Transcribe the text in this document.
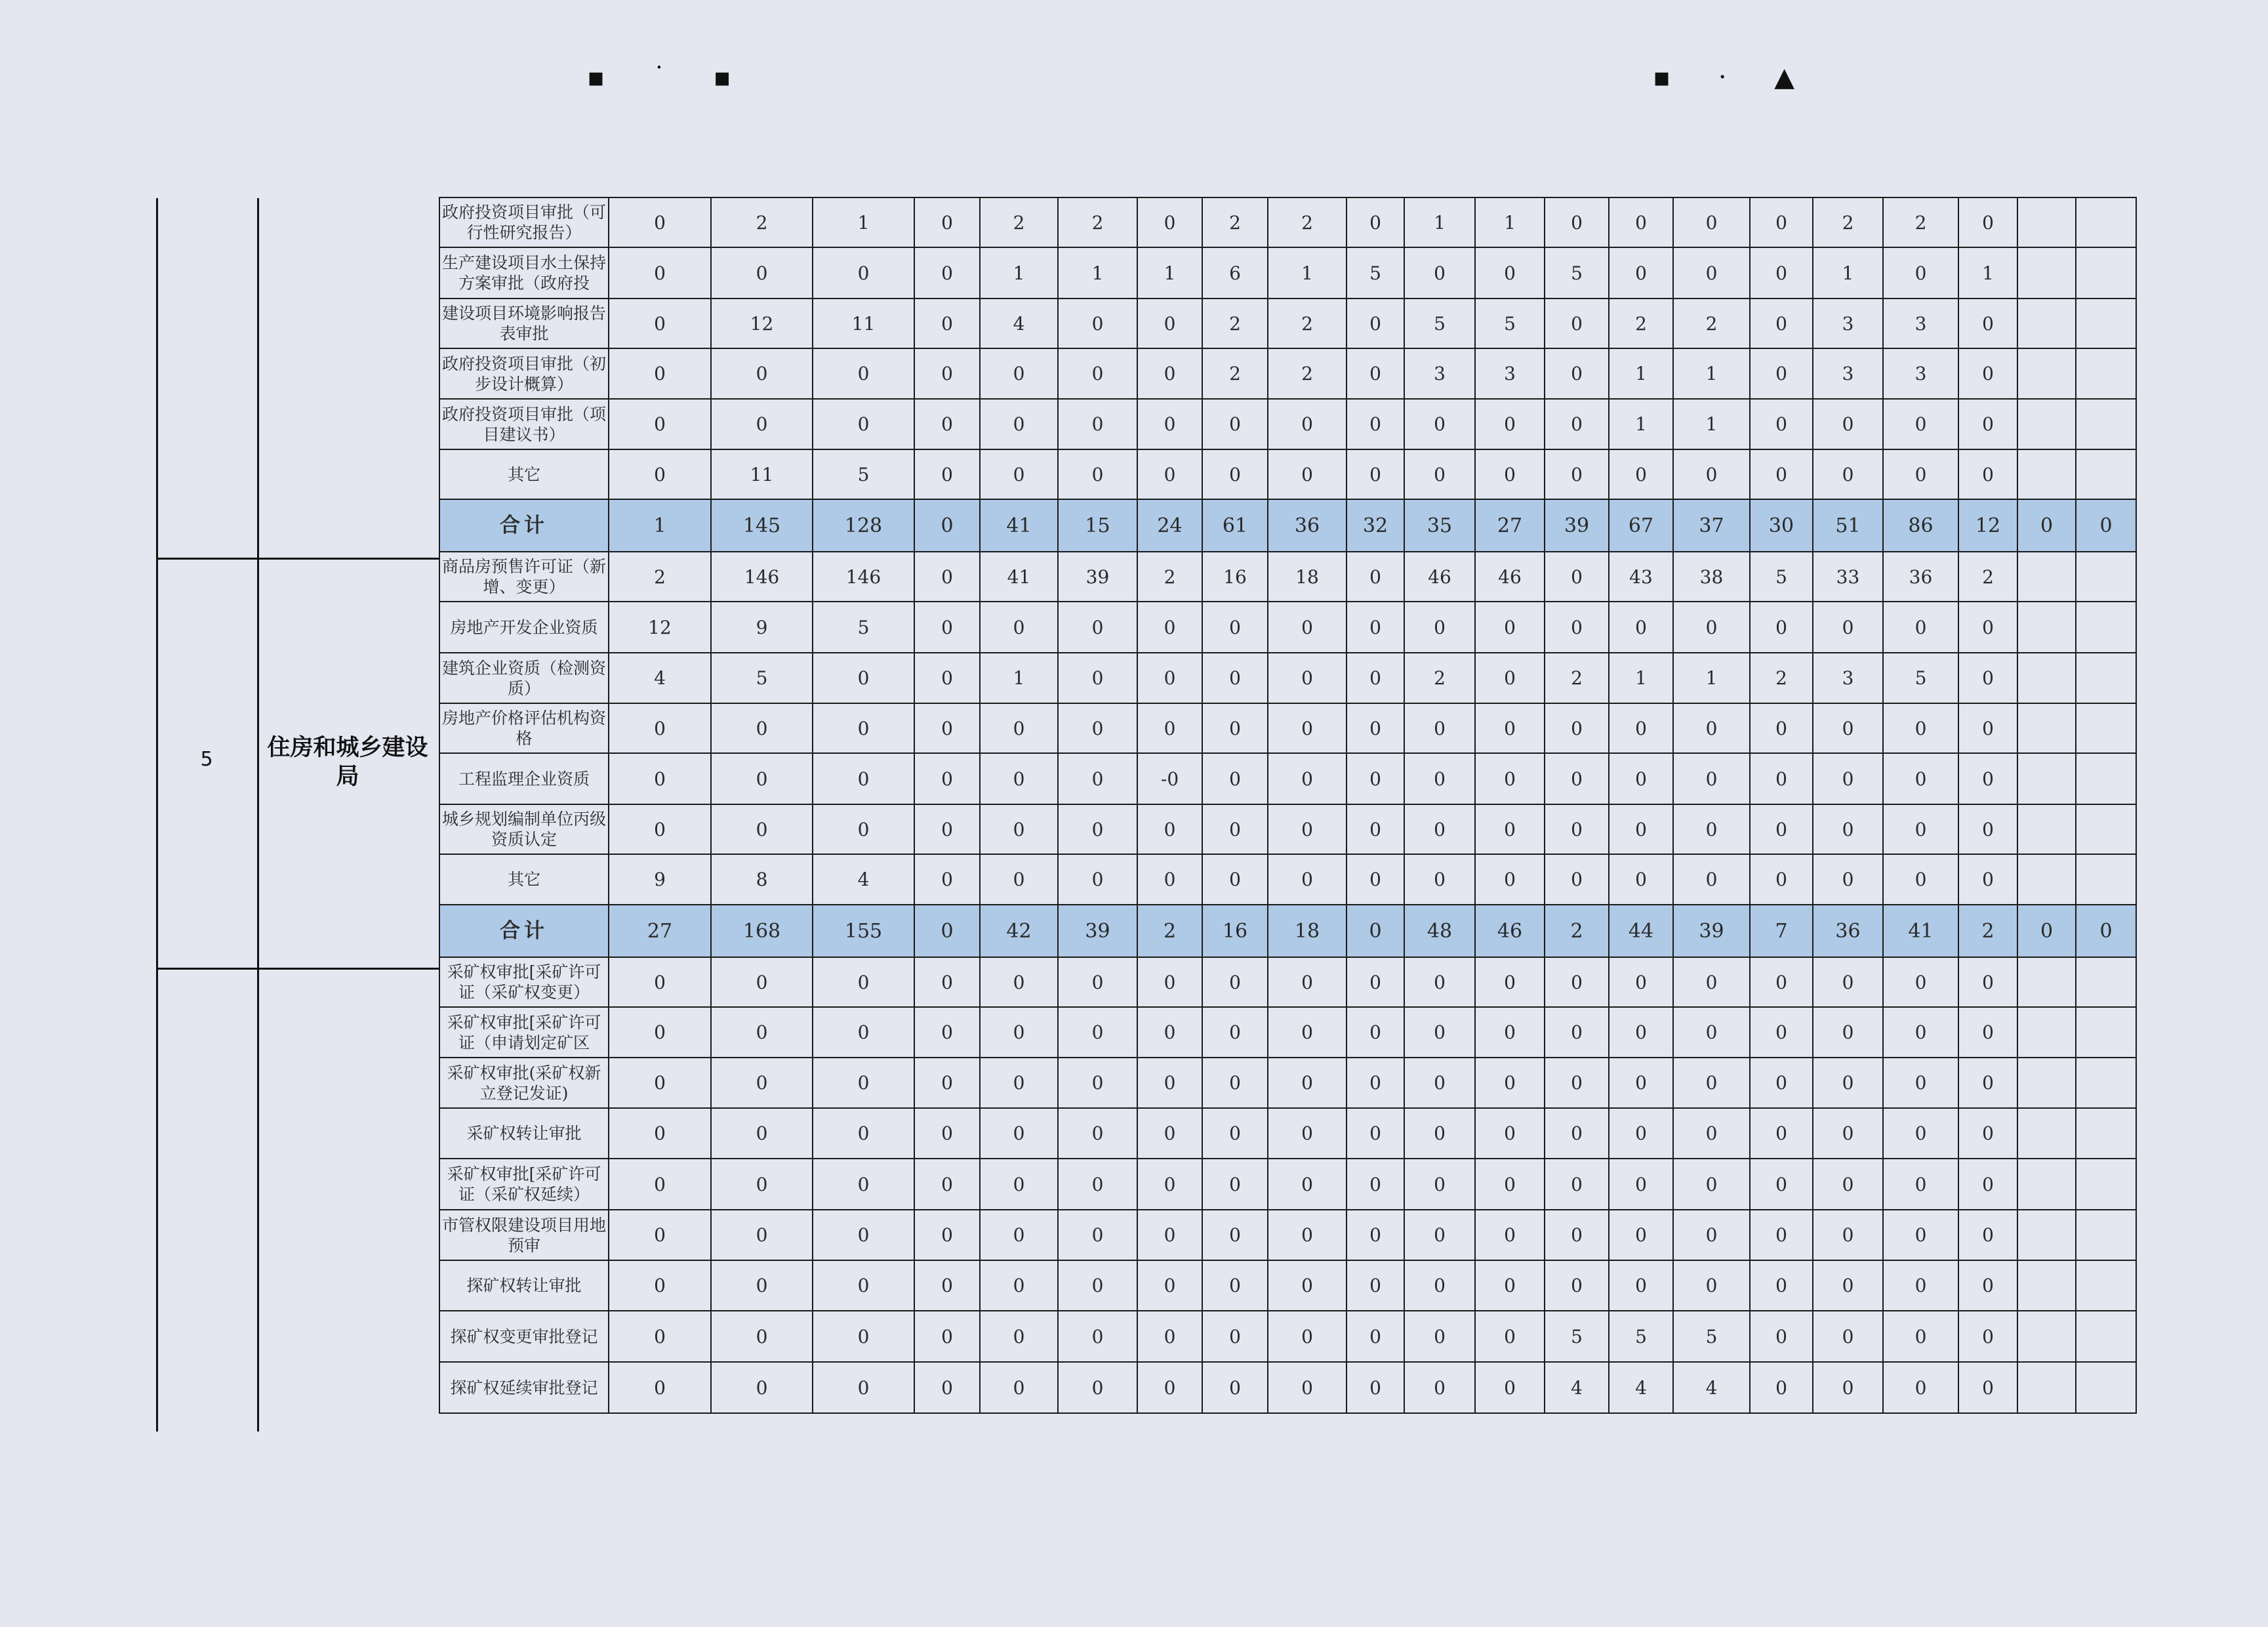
▪ ˙ ▪	▪ · ▲
5	住房和城乡建设局
政府投资项目审批（可行性研究报告）	0	2	1	0	2	2	0	2	2	0	1	1	0	0	0	0	2	2	0		
生产建设项目水土保持方案审批（政府投	0	0	0	0	1	1	1	6	1	5	0	0	5	0	0	0	1	0	1		
建设项目环境影响报告表审批	0	12	11	0	4	0	0	2	2	0	5	5	0	2	2	0	3	3	0		
政府投资项目审批（初步设计概算）	0	0	0	0	0	0	0	2	2	0	3	3	0	1	1	0	3	3	0		
政府投资项目审批（项目建议书）	0	0	0	0	0	0	0	0	0	0	0	0	0	1	1	0	0	0	0		
其它	0	11	5	0	0	0	0	0	0	0	0	0	0	0	0	0	0	0	0		
合计	1	145	128	0	41	15	24	61	36	32	35	27	39	67	37	30	51	86	12	0	0
商品房预售许可证（新增、变更）	2	146	146	0	41	39	2	16	18	0	46	46	0	43	38	5	33	36	2		
房地产开发企业资质	12	9	5	0	0	0	0	0	0	0	0	0	0	0	0	0	0	0	0		
建筑企业资质（检测资质）	4	5	0	0	1	0	0	0	0	0	2	0	2	1	1	2	3	5	0		
房地产价格评估机构资格	0	0	0	0	0	0	0	0	0	0	0	0	0	0	0	0	0	0	0		
工程监理企业资质	0	0	0	0	0	0	-0	0	0	0	0	0	0	0	0	0	0	0	0		
城乡规划编制单位丙级资质认定	0	0	0	0	0	0	0	0	0	0	0	0	0	0	0	0	0	0	0		
其它	9	8	4	0	0	0	0	0	0	0	0	0	0	0	0	0	0	0	0		
合计	27	168	155	0	42	39	2	16	18	0	48	46	2	44	39	7	36	41	2	0	0
采矿权审批[采矿许可证（采矿权变更）	0	0	0	0	0	0	0	0	0	0	0	0	0	0	0	0	0	0	0		
采矿权审批[采矿许可证（申请划定矿区	0	0	0	0	0	0	0	0	0	0	0	0	0	0	0	0	0	0	0		
采矿权审批(采矿权新立登记发证)	0	0	0	0	0	0	0	0	0	0	0	0	0	0	0	0	0	0	0		
采矿权转让审批	0	0	0	0	0	0	0	0	0	0	0	0	0	0	0	0	0	0	0		
采矿权审批[采矿许可证（采矿权延续）	0	0	0	0	0	0	0	0	0	0	0	0	0	0	0	0	0	0	0		
市管权限建设项目用地预审	0	0	0	0	0	0	0	0	0	0	0	0	0	0	0	0	0	0	0		
探矿权转让审批	0	0	0	0	0	0	0	0	0	0	0	0	0	0	0	0	0	0	0		
探矿权变更审批登记	0	0	0	0	0	0	0	0	0	0	0	0	5	5	5	0	0	0	0		
探矿权延续审批登记	0	0	0	0	0	0	0	0	0	0	0	0	4	4	4	0	0	0	0		
